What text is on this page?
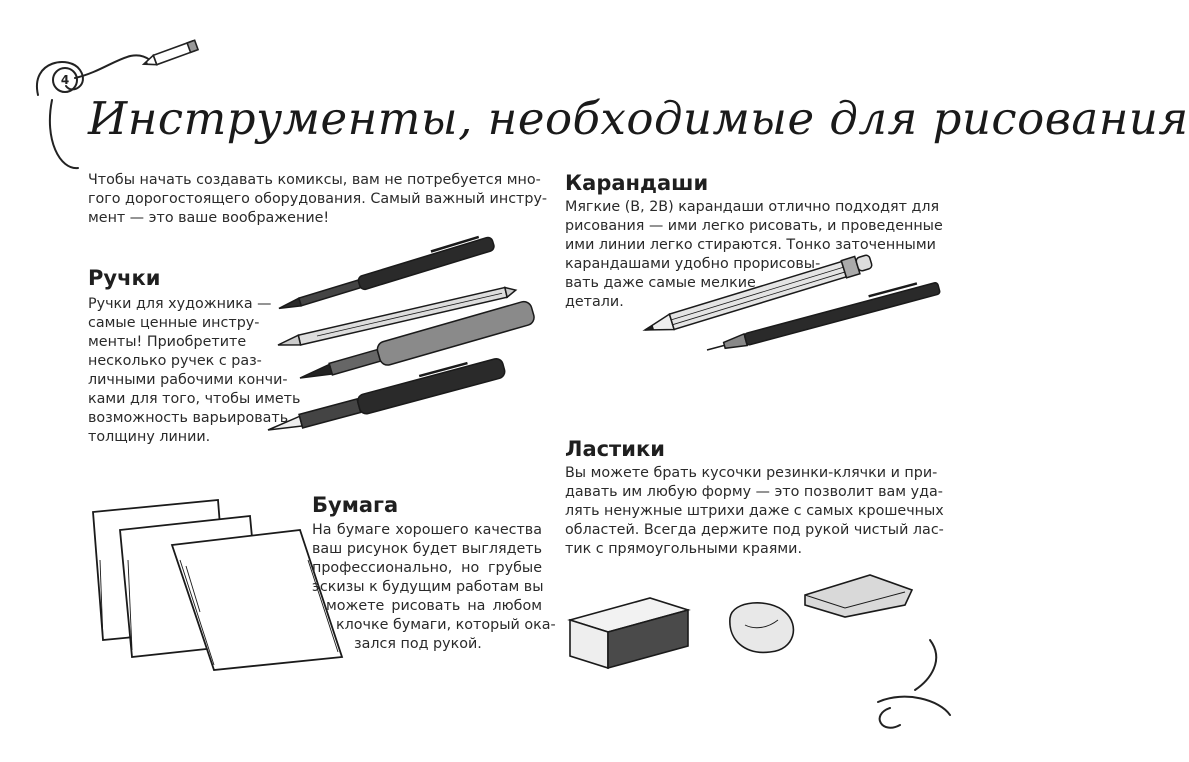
4
Инструменты, необходимые для рисования
Чтобы начать создавать комиксы, вам не потребуется мно-
гого дорогостоящего оборудования. Самый важный инстру-
мент — это ваше воображение!
Ручки
Ручки для художника —
самые ценные инстру-
менты! Приобретите
несколько ручек с раз-
личными рабочими кончи-
ками для того, чтобы иметь
возможность варьировать
толщину линии.
Карандаши
Мягкие (B, 2B) карандаши отлично подходят для
рисования — ими легко рисовать, и проведенные
ими линии легко стираются. Тонко заточенными
карандашами удобно прорисовы-
вать даже самые мелкие
детали.
Бумага
На бумаге хорошего качества
ваш рисунок будет выглядеть
профессионально, но грубые
эскизы к будущим работам вы
можете рисовать на любом
клочке бумаги, который ока-
зался под рукой.
Ластики
Вы можете брать кусочки резинки-клячки и при-
давать им любую форму — это позволит вам уда-
лять ненужные штрихи даже с самых крошечных
областей. Всегда держите под рукой чистый лас-
тик с прямоугольными краями.
